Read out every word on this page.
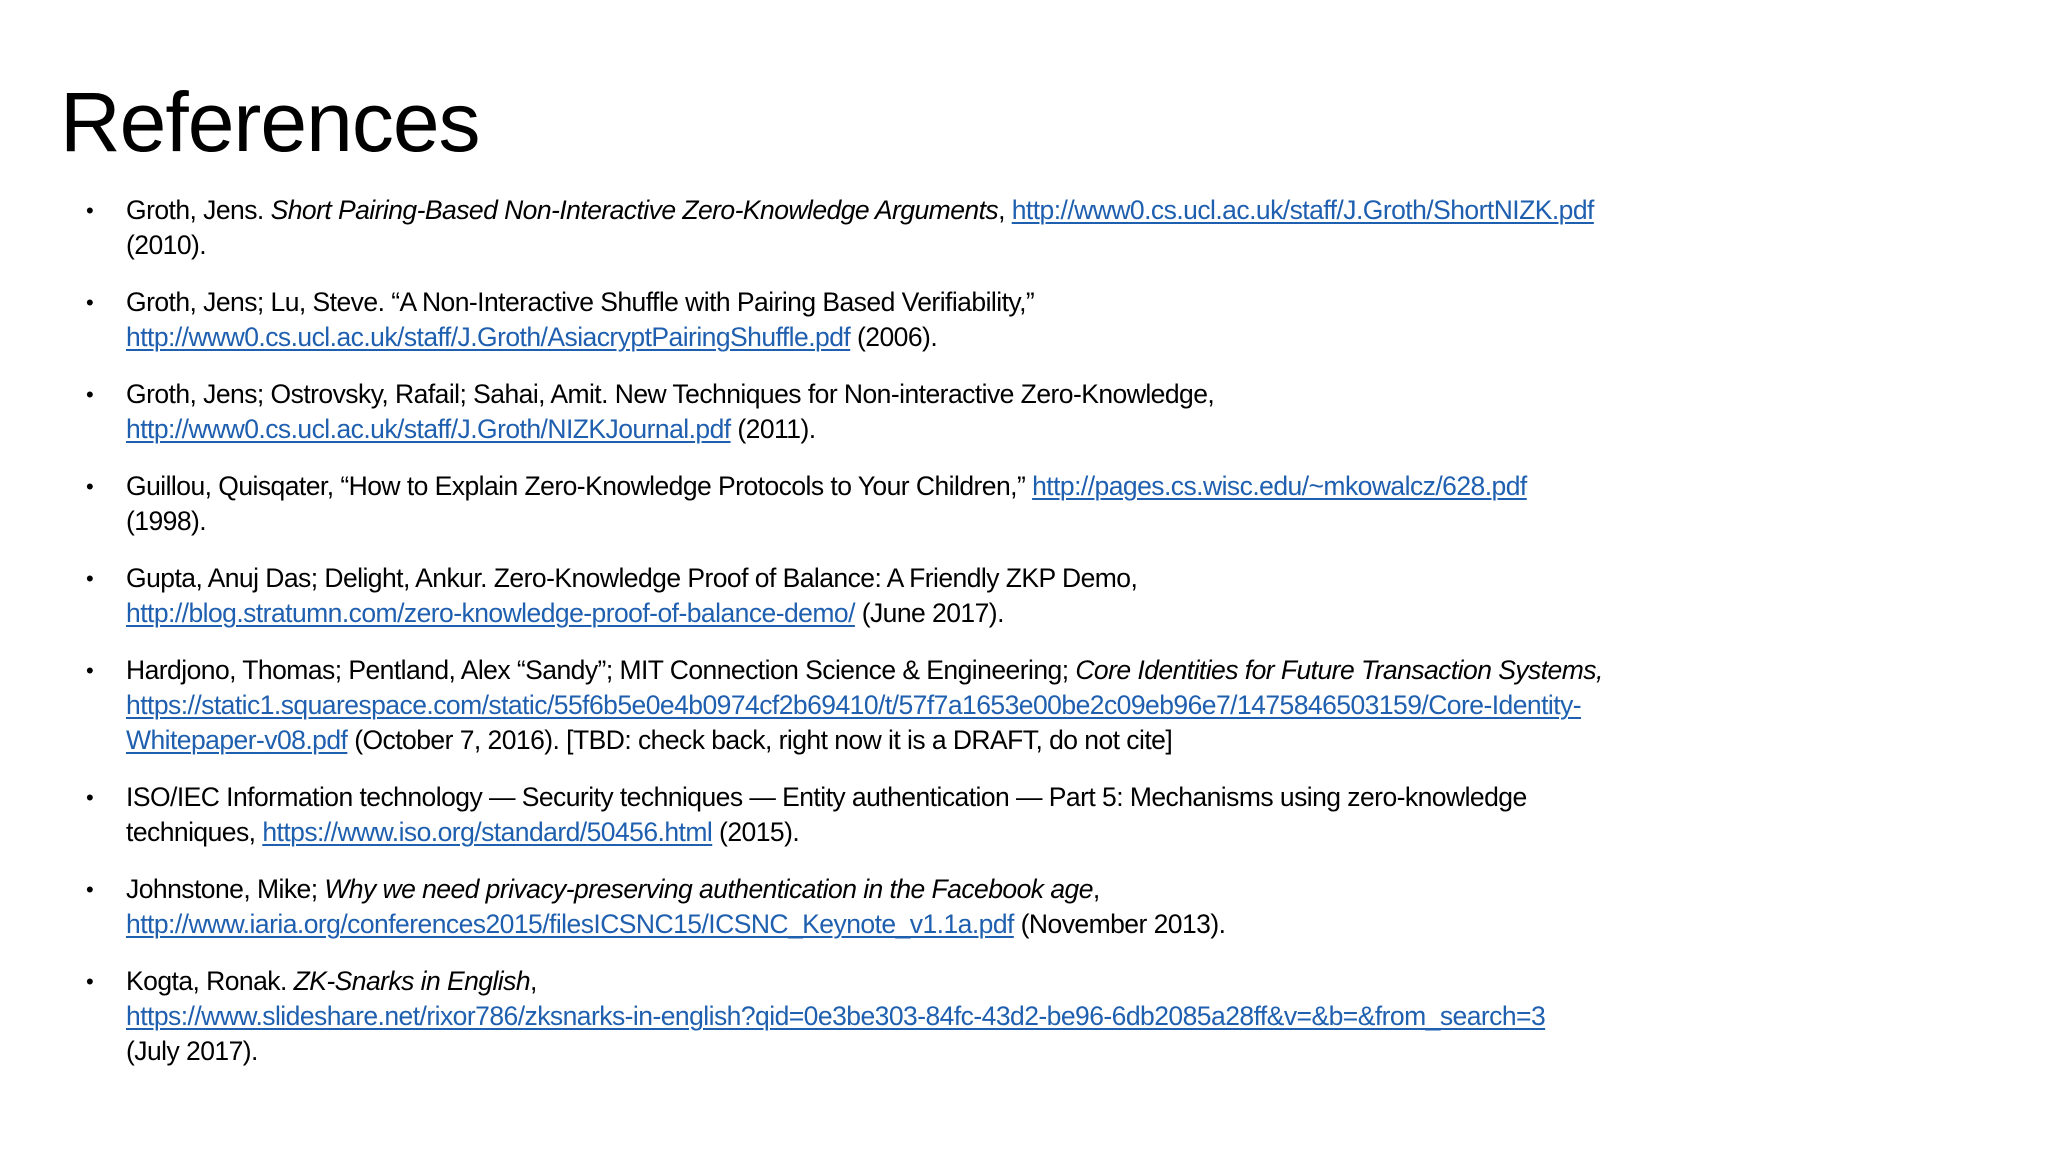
References
•	Groth, Jens. Short Pairing-Based Non-Interactive Zero-Knowledge Arguments, http://www0.cs.ucl.ac.uk/staff/J.Groth/ShortNIZK.pdf
(2010).
•	Groth, Jens; Lu, Steve. “A Non-Interactive Shuffle with Pairing Based Verifiability,”
http://www0.cs.ucl.ac.uk/staff/J.Groth/AsiacryptPairingShuffle.pdf (2006).
•	Groth, Jens; Ostrovsky, Rafail; Sahai, Amit. New Techniques for Non-interactive Zero-Knowledge,
http://www0.cs.ucl.ac.uk/staff/J.Groth/NIZKJournal.pdf (2011).
•	Guillou, Quisqater, “How to Explain Zero-Knowledge Protocols to Your Children,” http://pages.cs.wisc.edu/~mkowalcz/628.pdf
(1998).
•	Gupta, Anuj Das; Delight, Ankur. Zero-Knowledge Proof of Balance: A Friendly ZKP Demo,
http://blog.stratumn.com/zero-knowledge-proof-of-balance-demo/ (June 2017).
•	Hardjono, Thomas; Pentland, Alex “Sandy”; MIT Connection Science & Engineering; Core Identities for Future Transaction Systems,
https://static1.squarespace.com/static/55f6b5e0e4b0974cf2b69410/t/57f7a1653e00be2c09eb96e7/1475846503159/Core-Identity-
Whitepaper-v08.pdf (October 7, 2016). [TBD: check back, right now it is a DRAFT, do not cite]
•	ISO/IEC Information technology — Security techniques — Entity authentication — Part 5: Mechanisms using zero-knowledge
techniques, https://www.iso.org/standard/50456.html (2015).
•	Johnstone, Mike; Why we need privacy-preserving authentication in the Facebook age,
http://www.iaria.org/conferences2015/filesICSNC15/ICSNC_Keynote_v1.1a.pdf (November 2013).
•	Kogta, Ronak. ZK-Snarks in English,
https://www.slideshare.net/rixor786/zksnarks-in-english?qid=0e3be303-84fc-43d2-be96-6db2085a28ff&v=&b=&from_search=3
(July 2017).
